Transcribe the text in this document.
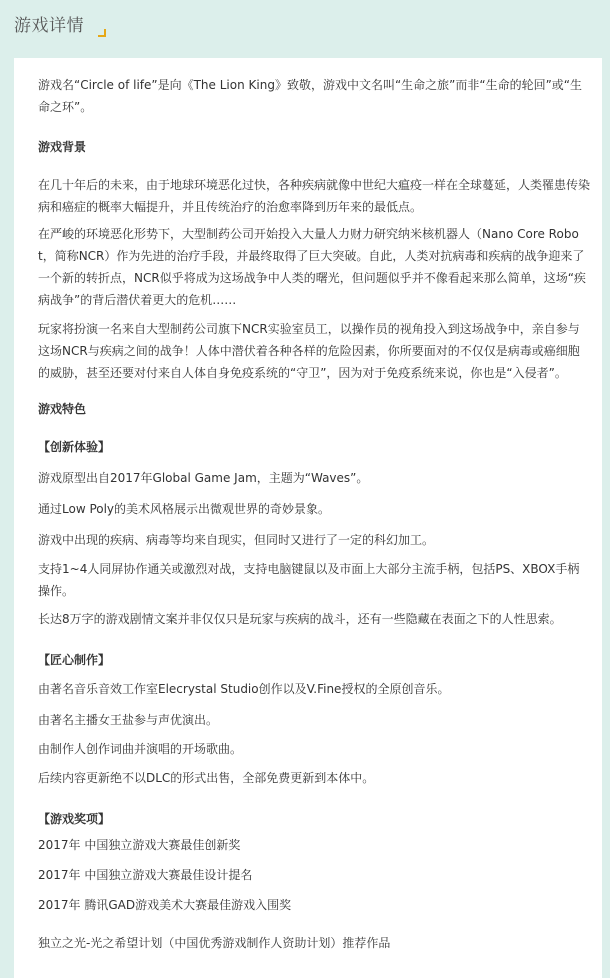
游戏详情

游戏名“Circle of life”是向《The Lion King》致敬，游戏中文名叫“生命之旅”而非“生命的轮回”或“生命之环”。

游戏背景

在几十年后的未来，由于地球环境恶化过快，各种疾病就像中世纪大瘟疫一样在全球蔓延，人类罹患传染病和癌症的概率大幅提升，并且传统治疗的治愈率降到历年来的最低点。

在严峻的环境恶化形势下，大型制药公司开始投入大量人力财力研究纳米核机器人（Nano Core Robot，简称NCR）作为先进的治疗手段，并最终取得了巨大突破。自此，人类对抗病毒和疾病的战争迎来了一个新的转折点，NCR似乎将成为这场战争中人类的曙光，但问题似乎并不像看起来那么简单，这场“疾病战争”的背后潜伏着更大的危机……

玩家将扮演一名来自大型制药公司旗下NCR实验室员工，以操作员的视角投入到这场战争中，亲自参与这场NCR与疾病之间的战争！人体中潜伏着各种各样的危险因素，你所要面对的不仅仅是病毒或癌细胞的威胁，甚至还要对付来自人体自身免疫系统的“守卫”，因为对于免疫系统来说，你也是“入侵者”。

游戏特色
【创新体验】

游戏原型出自2017年Global Game Jam，主题为“Waves”。

通过Low Poly的美术风格展示出微观世界的奇妙景象。

游戏中出现的疾病、病毒等均来自现实，但同时又进行了一定的科幻加工。

支持1~4人同屏协作通关或激烈对战，支持电脑键鼠以及市面上大部分主流手柄，包括PS、XBOX手柄操作。

长达8万字的游戏剧情文案并非仅仅只是玩家与疾病的战斗，还有一些隐藏在表面之下的人性思索。

【匠心制作】

由著名音乐音效工作室Elecrystal Studio创作以及V.Fine授权的全原创音乐。

由著名主播女王盐参与声优演出。

由制作人创作词曲并演唱的开场歌曲。

后续内容更新绝不以DLC的形式出售，全部免费更新到本体中。

【游戏奖项】

2017年 中国独立游戏大赛最佳创新奖

2017年 中国独立游戏大赛最佳设计提名

2017年 腾讯GAD游戏美术大赛最佳游戏入围奖

独立之光-光之希望计划（中国优秀游戏制作人资助计划）推荐作品
